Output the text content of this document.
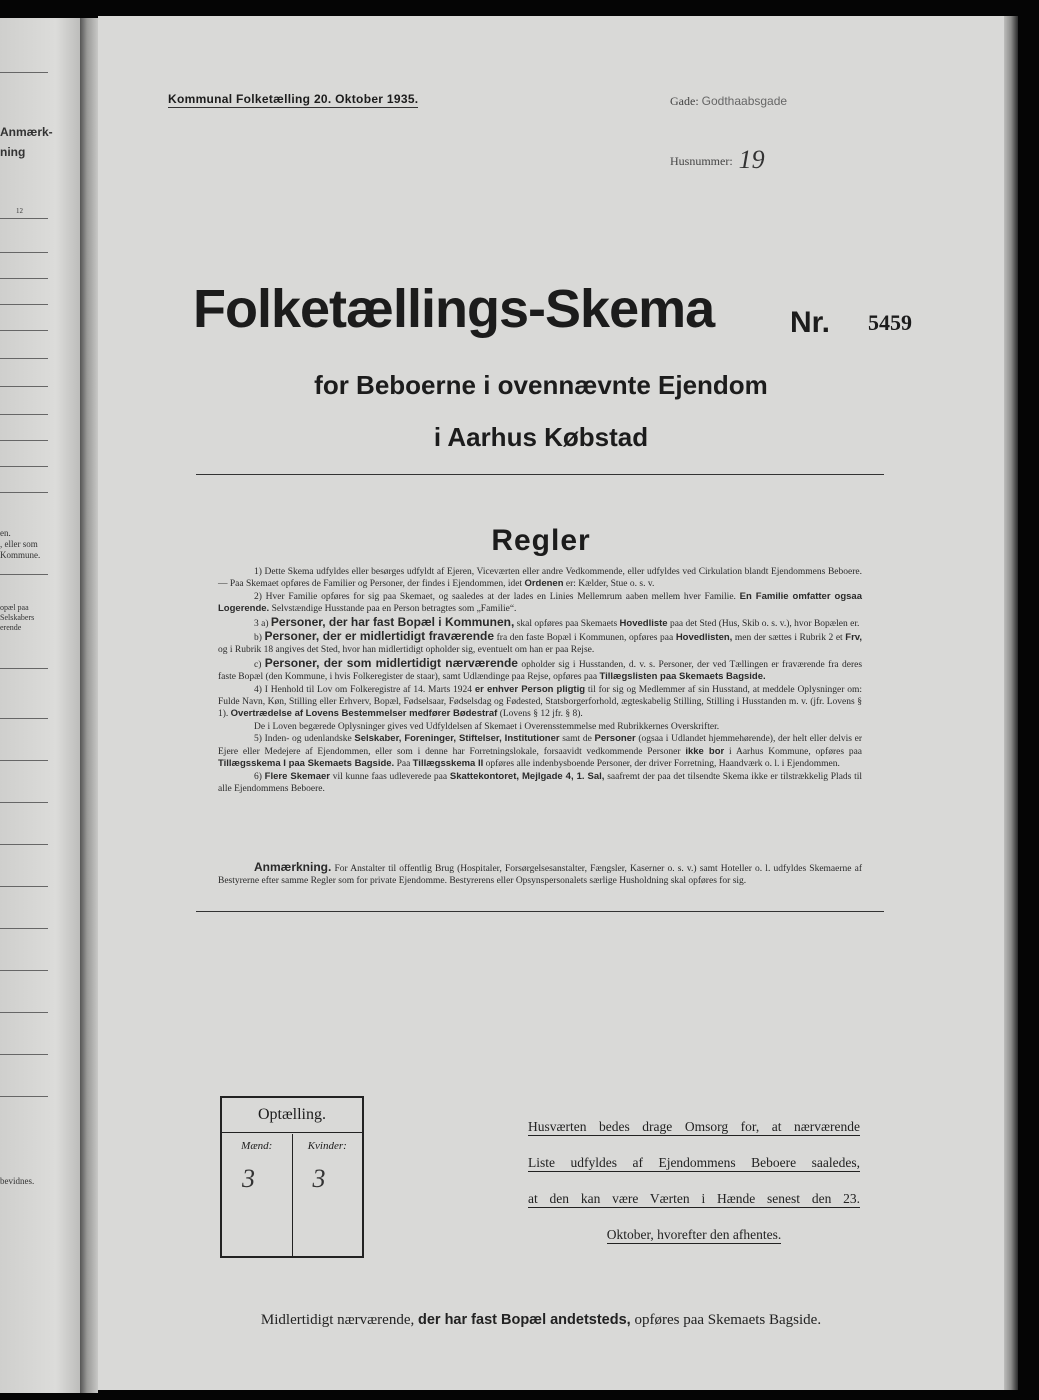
Anmærk-
ning
12
en.
, eller som
Kommune.
opæl paa
Selskabers
erende
bevidnes.
Kommunal Folketælling 20. Oktober 1935.	Gade: Godthaabsgade
Husnummer: 19
Folketællings-Skema	Nr. 5459
for Beboerne i ovennævnte Ejendom
i Aarhus Købstad
Regler

1) Dette Skema udfyldes eller besørges udfyldt af Ejeren, Viceværten eller andre Vedkommende, eller udfyldes ved Cirkulation blandt Ejendommens Beboere. — Paa Skemaet opføres de Familier og Personer, der findes i Ejendommen, idet Ordenen er: Kælder, Stue o. s. v.

2) Hver Familie opføres for sig paa Skemaet, og saaledes at der lades en Linies Mellemrum aaben mellem hver Familie. En Familie omfatter ogsaa Logerende. Selvstændige Husstande paa en Person betragtes som „Familie“.

3 a) Personer, der har fast Bopæl i Kommunen, skal opføres paa Skemaets Hovedliste paa det Sted (Hus, Skib o. s. v.), hvor Bopælen er.

b) Personer, der er midlertidigt fraværende fra den faste Bopæl i Kommunen, opføres paa Hovedlisten, men der sættes i Rubrik 2 et Frv, og i Rubrik 18 angives det Sted, hvor han midlertidigt opholder sig, eventuelt om han er paa Rejse.

c) Personer, der som midlertidigt nærværende opholder sig i Husstanden, d. v. s. Personer, der ved Tællingen er fraværende fra deres faste Bopæl (den Kommune, i hvis Folkeregister de staar), samt Udlændinge paa Rejse, opføres paa Tillægslisten paa Skemaets Bagside.

4) I Henhold til Lov om Folkeregistre af 14. Marts 1924 er enhver Person pligtig til for sig og Medlemmer af sin Husstand, at meddele Oplysninger om: Fulde Navn, Køn, Stilling eller Erhverv, Bopæl, Fødselsaar, Fødselsdag og Fødested, Statsborgerforhold, ægteskabelig Stilling, Stilling i Husstanden m. v. (jfr. Lovens § 1). Overtrædelse af Lovens Bestemmelser medfører Bødestraf (Lovens § 12 jfr. § 8).

De i Loven begærede Oplysninger gives ved Udfyldelsen af Skemaet i Overensstemmelse med Rubrikkernes Overskrifter.

5) Inden- og udenlandske Selskaber, Foreninger, Stiftelser, Institutioner samt de Personer (ogsaa i Udlandet hjemmehørende), der helt eller delvis er Ejere eller Medejere af Ejendommen, eller som i denne har Forretningslokale, forsaavidt vedkommende Personer ikke bor i Aarhus Kommune, opføres paa Tillægsskema I paa Skemaets Bagside. Paa Tillægsskema II opføres alle indenbysboende Personer, der driver Forretning, Haandværk o. l. i Ejendommen.

6) Flere Skemaer vil kunne faas udleverede paa Skattekontoret, Mejlgade 4, 1. Sal, saafremt der paa det tilsendte Skema ikke er tilstrækkelig Plads til alle Ejendommens Beboere.

Anmærkning. For Anstalter til offentlig Brug (Hospitaler, Forsørgelsesanstalter, Fængsler, Kaserner o. s. v.) samt Hoteller o. l. udfyldes Skemaerne af Bestyrerne efter samme Regler som for private Ejendomme. Bestyrerens eller Opsynspersonalets særlige Husholdning skal opføres for sig.

Optælling.
Mænd:
3
Kvinder:
3
Husværten bedes drage Omsorg for, at nærværende
Liste udfyldes af Ejendommens Beboere saaledes,
at den kan være Værten i Hænde senest den 23.
Oktober, hvorefter den afhentes.
Midlertidigt nærværende, der har fast Bopæl andetsteds, opføres paa Skemaets Bagside.
